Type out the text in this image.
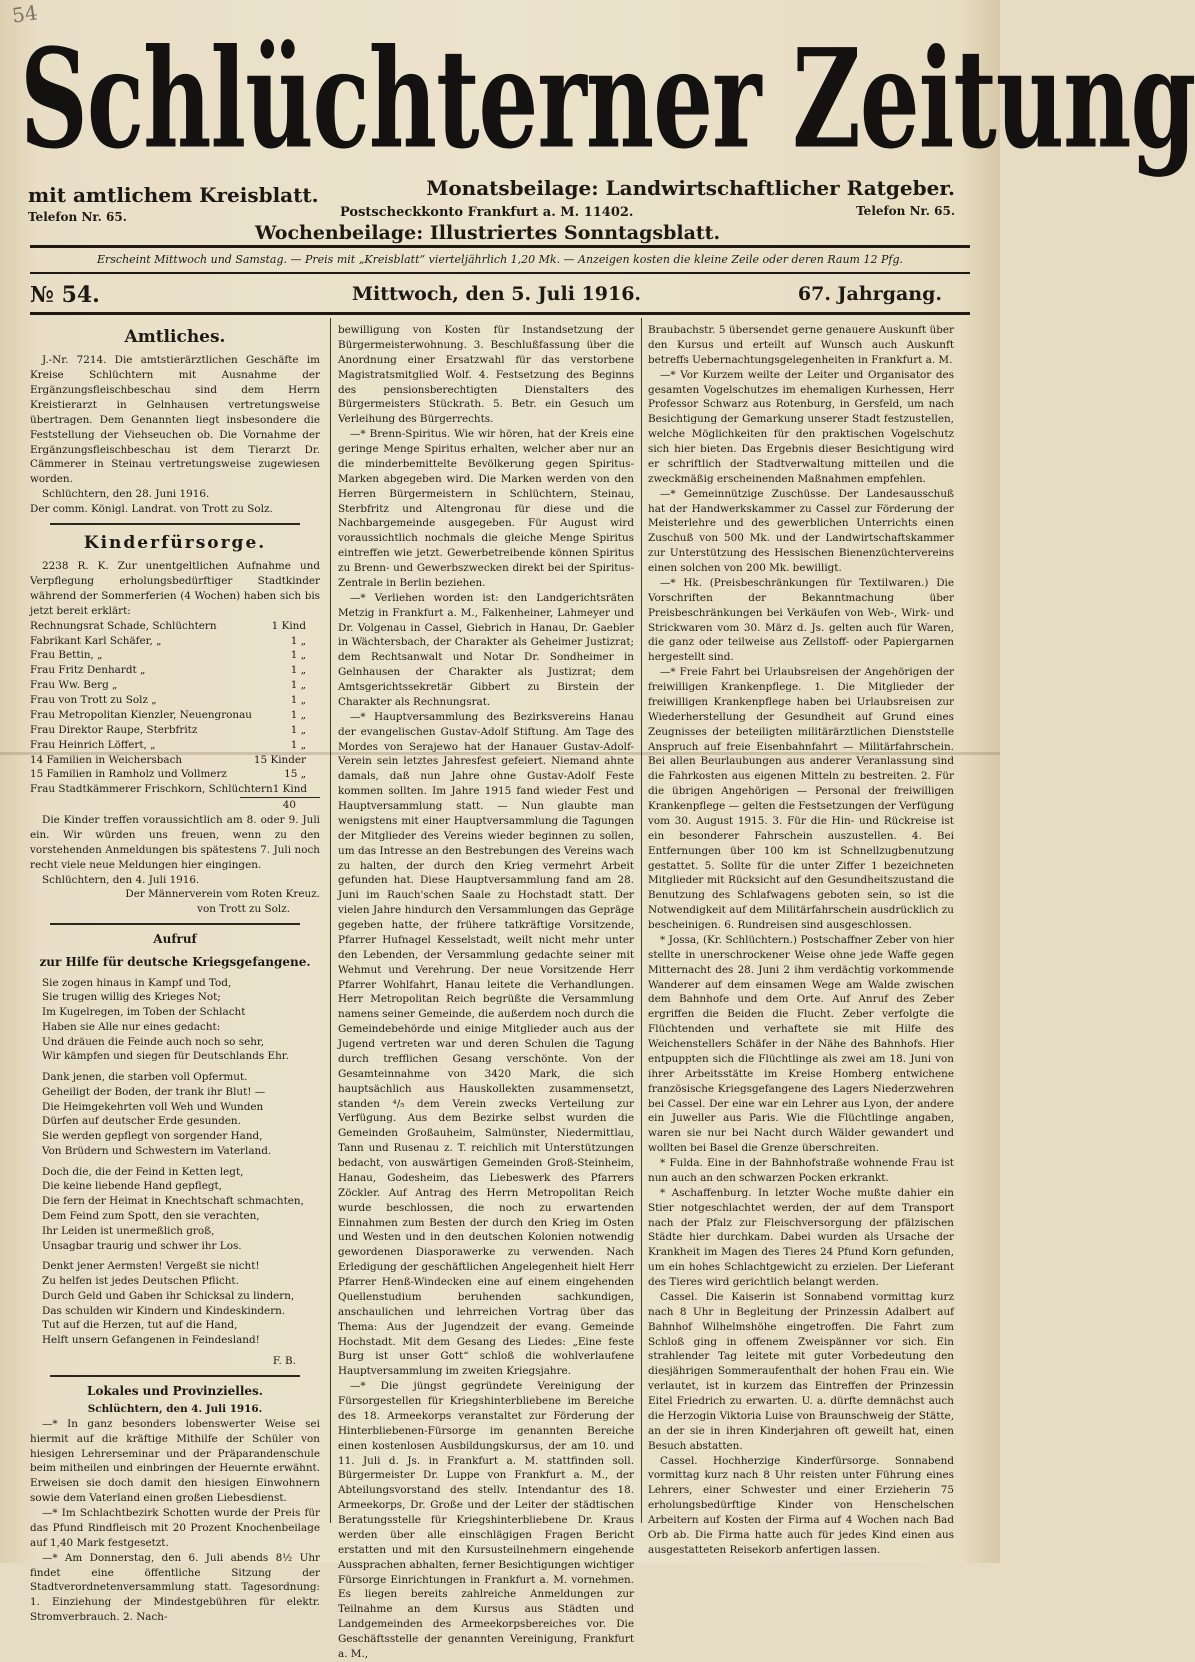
54
Schlüchterner Zeitung
mit amtlichem Kreisblatt.	Monatsbeilage: Landwirtschaftlicher Ratgeber.
Telefon Nr. 65.	Telefon Nr. 65.
Postscheckkonto Frankfurt a. M. 11402.
Wochenbeilage: Illustriertes Sonntagsblatt.
Erscheint Mittwoch und Samstag. — Preis mit „Kreisblatt“ vierteljährlich 1,20 Mk. — Anzeigen kosten die kleine Zeile oder deren Raum 12 Pfg.
№ 54.	Mittwoch, den 5. Juli 1916.	67. Jahrgang.
Amtliches.

J.-Nr. 7214. Die amtstierärztlichen Geschäfte im Kreise Schlüchtern mit Ausnahme der Ergänzungsfleischbeschau sind dem Herrn Kreistierarzt in Gelnhausen vertretungsweise übertragen. Dem Genannten liegt insbesondere die Feststellung der Viehseuchen ob. Die Vornahme der Ergänzungsfleischbeschau ist dem Tierarzt Dr. Cämmerer in Steinau vertretungsweise zugewiesen worden.

Schlüchtern, den 28. Juni 1916.

Der comm. Königl. Landrat. von Trott zu Solz.
Kinderfürsorge.

2238 R. K. Zur unentgeltlichen Aufnahme und Verpflegung erholungsbedürftiger Stadtkinder während der Sommerferien (4 Wochen) haben sich bis jetzt bereit erklärt:

Rechnungsrat Schade, Schlüchtern	1 Kind
Fabrikant Karl Schäfer, „	1 „
Frau Bettin, „	1 „
Frau Fritz Denhardt „	1 „
Frau Ww. Berg „	1 „
Frau von Trott zu Solz „	1 „
Frau Metropolitan Kienzler, Neuengronau	1 „
Frau Direktor Raupe, Sterbfritz	1 „
Frau Heinrich Löffert, „	1 „
14 Familien in Weichersbach	15 Kinder
15 Familien in Ramholz und Vollmerz	15 „
Frau Stadtkämmerer Frischkorn, Schlüchtern 1 Kind
40

Die Kinder treffen voraussichtlich am 8. oder 9. Juli ein. Wir würden uns freuen, wenn zu den vorstehenden Anmeldungen bis spätestens 7. Juli noch recht viele neue Meldungen hier eingingen.

Schlüchtern, den 4. Juli 1916.

Der Männerverein vom Roten Kreuz.
von Trott zu Solz.
Aufruf
zur Hilfe für deutsche Kriegsgefangene.
Sie zogen hinaus in Kampf und Tod,
Sie trugen willig des Krieges Not;
Im Kugelregen, im Toben der Schlacht
Haben sie Alle nur eines gedacht:
Und dräuen die Feinde auch noch so sehr,
Wir kämpfen und siegen für Deutschlands Ehr.
Dank jenen, die starben voll Opfermut.
Geheiligt der Boden, der trank ihr Blut! —
Die Heimgekehrten voll Weh und Wunden
Dürfen auf deutscher Erde gesunden.
Sie werden gepflegt von sorgender Hand,
Von Brüdern und Schwestern im Vaterland.
Doch die, die der Feind in Ketten legt,
Die keine liebende Hand gepflegt,
Die fern der Heimat in Knechtschaft schmachten,
Dem Feind zum Spott, den sie verachten,
Ihr Leiden ist unermeßlich groß,
Unsagbar traurig und schwer ihr Los.
Denkt jener Aermsten! Vergeßt sie nicht!
Zu helfen ist jedes Deutschen Pflicht.
Durch Geld und Gaben ihr Schicksal zu lindern,
Das schulden wir Kindern und Kindeskindern.
Tut auf die Herzen, tut auf die Hand,
Helft unsern Gefangenen in Feindesland!
F. B.
Lokales und Provinzielles.
Schlüchtern, den 4. Juli 1916.

—* In ganz besonders lobenswerter Weise sei hiermit auf die kräftige Mithilfe der Schüler von hiesigen Lehrerseminar und der Präparandenschule beim mitheilen und einbringen der Heuernte erwähnt. Erweisen sie doch damit den hiesigen Einwohnern sowie dem Vaterland einen großen Liebesdienst.

—* Im Schlachtbezirk Schotten wurde der Preis für das Pfund Rindfleisch mit 20 Prozent Knochenbeilage auf 1,40 Mark festgesetzt.

—* Am Donnerstag, den 6. Juli abends 8½ Uhr findet eine öffentliche Sitzung der Stadtverordnetenversammlung statt. Tagesordnung: 1. Einziehung der Mindestgebühren für elektr. Stromverbrauch. 2. Nach-

bewilligung von Kosten für Instandsetzung der Bürgermeisterwohnung. 3. Beschlußfassung über die Anordnung einer Ersatzwahl für das verstorbene Magistratsmitglied Wolf. 4. Festsetzung des Beginns des pensionsberechtigten Dienstalters des Bürgermeisters Stückrath. 5. Betr. ein Gesuch um Verleihung des Bürgerrechts.

—* Brenn-Spiritus. Wie wir hören, hat der Kreis eine geringe Menge Spiritus erhalten, welcher aber nur an die minderbemittelte Bevölkerung gegen Spiritus-Marken abgegeben wird. Die Marken werden von den Herren Bürgermeistern in Schlüchtern, Steinau, Sterbfritz und Altengronau für diese und die Nachbargemeinde ausgegeben. Für August wird voraussichtlich nochmals die gleiche Menge Spiritus eintreffen wie jetzt. Gewerbetreibende können Spiritus zu Brenn- und Gewerbszwecken direkt bei der Spiritus-Zentrale in Berlin beziehen.

—* Verliehen worden ist: den Landgerichtsräten Metzig in Frankfurt a. M., Falkenheiner, Lahmeyer und Dr. Volgenau in Cassel, Giebrich in Hanau, Dr. Gaebler in Wächtersbach, der Charakter als Geheimer Justizrat; dem Rechtsanwalt und Notar Dr. Sondheimer in Gelnhausen der Charakter als Justizrat; dem Amtsgerichtssekretär Gibbert zu Birstein der Charakter als Rechnungsrat.

—* Hauptversammlung des Bezirksvereins Hanau der evangelischen Gustav-Adolf Stiftung. Am Tage des Mordes von Serajewo hat der Hanauer Gustav-Adolf-Verein sein letztes Jahresfest gefeiert. Niemand ahnte damals, daß nun Jahre ohne Gustav-Adolf Feste kommen sollten. Im Jahre 1915 fand wieder Fest und Hauptversammlung statt. — Nun glaubte man wenigstens mit einer Hauptversammlung die Tagungen der Mitglieder des Vereins wieder beginnen zu sollen, um das Intresse an den Bestrebungen des Vereins wach zu halten, der durch den Krieg vermehrt Arbeit gefunden hat. Diese Hauptversammlung fand am 28. Juni im Rauch'schen Saale zu Hochstadt statt. Der vielen Jahre hindurch den Versammlungen das Gepräge gegeben hatte, der frühere tatkräftige Vorsitzende, Pfarrer Hufnagel Kesselstadt, weilt nicht mehr unter den Lebenden, der Versammlung gedachte seiner mit Wehmut und Verehrung. Der neue Vorsitzende Herr Pfarrer Wohlfahrt, Hanau leitete die Verhandlungen. Herr Metropolitan Reich begrüßte die Versammlung namens seiner Gemeinde, die außerdem noch durch die Gemeindebehörde und einige Mitglieder auch aus der Jugend vertreten war und deren Schulen die Tagung durch trefflichen Gesang verschönte. Von der Gesamteinnahme von 3420 Mark, die sich hauptsächlich aus Hauskollekten zusammensetzt, standen ⁴/₅ dem Verein zwecks Verteilung zur Verfügung. Aus dem Bezirke selbst wurden die Gemeinden Großauheim, Salmünster, Niedermittlau, Tann und Rusenau z. T. reichlich mit Unterstützungen bedacht, von auswärtigen Gemeinden Groß-Steinheim, Hanau, Godesheim, das Liebeswerk des Pfarrers Zöckler. Auf Antrag des Herrn Metropolitan Reich wurde beschlossen, die noch zu erwartenden Einnahmen zum Besten der durch den Krieg im Osten und Westen und in den deutschen Kolonien notwendig gewordenen Diasporawerke zu verwenden. Nach Erledigung der geschäftlichen Angelegenheit hielt Herr Pfarrer Henß-Windecken eine auf einem eingehenden Quellenstudium beruhenden sachkundigen, anschaulichen und lehrreichen Vortrag über das Thema: Aus der Jugendzeit der evang. Gemeinde Hochstadt. Mit dem Gesang des Liedes: „Eine feste Burg ist unser Gott“ schloß die wohlverlaufene Hauptversammlung im zweiten Kriegsjahre.

—* Die jüngst gegründete Vereinigung der Fürsorgestellen für Kriegshinterbliebene im Bereiche des 18. Armeekorps veranstaltet zur Förderung der Hinterbliebenen-Fürsorge im genannten Bereiche einen kostenlosen Ausbildungskursus, der am 10. und 11. Juli d. Js. in Frankfurt a. M. stattfinden soll. Bürgermeister Dr. Luppe von Frankfurt a. M., der Abteilungsvorstand des stellv. Intendantur des 18. Armeekorps, Dr. Große und der Leiter der städtischen Beratungsstelle für Kriegshinterbliebene Dr. Kraus werden über alle einschlägigen Fragen Bericht erstatten und mit den Kursusteilnehmern eingehende Aussprachen abhalten, ferner Besichtigungen wichtiger Fürsorge Einrichtungen in Frankfurt a. M. vornehmen. Es liegen bereits zahlreiche Anmeldungen zur Teilnahme an dem Kursus aus Städten und Landgemeinden des Armeekorpsbereiches vor. Die Geschäftsstelle der genannten Vereinigung, Frankfurt a. M.,

Braubachstr. 5 übersendet gerne genauere Auskunft über den Kursus und erteilt auf Wunsch auch Auskunft betreffs Uebernachtungsgelegenheiten in Frankfurt a. M.

—* Vor Kurzem weilte der Leiter und Organisator des gesamten Vogelschutzes im ehemaligen Kurhessen, Herr Professor Schwarz aus Rotenburg, in Gersfeld, um nach Besichtigung der Gemarkung unserer Stadt festzustellen, welche Möglichkeiten für den praktischen Vogelschutz sich hier bieten. Das Ergebnis dieser Besichtigung wird er schriftlich der Stadtverwaltung mitteilen und die zweckmäßig erscheinenden Maßnahmen empfehlen.

—* Gemeinnützige Zuschüsse. Der Landesausschuß hat der Handwerkskammer zu Cassel zur Förderung der Meisterlehre und des gewerblichen Unterrichts einen Zuschuß von 500 Mk. und der Landwirtschaftskammer zur Unterstützung des Hessischen Bienenzüchtervereins einen solchen von 200 Mk. bewilligt.

—* Hk. (Preisbeschränkungen für Textilwaren.) Die Vorschriften der Bekanntmachung über Preisbeschränkungen bei Verkäufen von Web-, Wirk- und Strickwaren vom 30. März d. Js. gelten auch für Waren, die ganz oder teilweise aus Zellstoff- oder Papiergarnen hergestellt sind.

—* Freie Fahrt bei Urlaubsreisen der Angehörigen der freiwilligen Krankenpflege. 1. Die Mitglieder der freiwilligen Krankenpflege haben bei Urlaubsreisen zur Wiederherstellung der Gesundheit auf Grund eines Zeugnisses der beteiligten militärärztlichen Dienststelle Anspruch auf freie Eisenbahnfahrt — Militärfahrschein. Bei allen Beurlaubungen aus anderer Veranlassung sind die Fahrkosten aus eigenen Mitteln zu bestreiten. 2. Für die übrigen Angehörigen — Personal der freiwilligen Krankenpflege — gelten die Festsetzungen der Verfügung vom 30. August 1915. 3. Für die Hin- und Rückreise ist ein besonderer Fahrschein auszustellen. 4. Bei Entfernungen über 100 km ist Schnellzugbenutzung gestattet. 5. Sollte für die unter Ziffer 1 bezeichneten Mitglieder mit Rücksicht auf den Gesundheitszustand die Benutzung des Schlafwagens geboten sein, so ist die Notwendigkeit auf dem Militärfahrschein ausdrücklich zu bescheinigen. 6. Rundreisen sind ausgeschlossen.

* Jossa, (Kr. Schlüchtern.) Postschaffner Zeber von hier stellte in unerschrockener Weise ohne jede Waffe gegen Mitternacht des 28. Juni 2 ihm verdächtig vorkommende Wanderer auf dem einsamen Wege am Walde zwischen dem Bahnhofe und dem Orte. Auf Anruf des Zeber ergriffen die Beiden die Flucht. Zeber verfolgte die Flüchtenden und verhaftete sie mit Hilfe des Weichenstellers Schäfer in der Nähe des Bahnhofs. Hier entpuppten sich die Flüchtlinge als zwei am 18. Juni von ihrer Arbeitsstätte im Kreise Homberg entwichene französische Kriegsgefangene des Lagers Niederzwehren bei Cassel. Der eine war ein Lehrer aus Lyon, der andere ein Juweller aus Paris. Wie die Flüchtlinge angaben, waren sie nur bei Nacht durch Wälder gewandert und wollten bei Basel die Grenze überschreiten.

* Fulda. Eine in der Bahnhofstraße wohnende Frau ist nun auch an den schwarzen Pocken erkrankt.

* Aschaffenburg. In letzter Woche mußte dahier ein Stier notgeschlachtet werden, der auf dem Transport nach der Pfalz zur Fleischversorgung der pfälzischen Städte hier durchkam. Dabei wurden als Ursache der Krankheit im Magen des Tieres 24 Pfund Korn gefunden, um ein hohes Schlachtgewicht zu erzielen. Der Lieferant des Tieres wird gerichtlich belangt werden.

Cassel. Die Kaiserin ist Sonnabend vormittag kurz nach 8 Uhr in Begleitung der Prinzessin Adalbert auf Bahnhof Wilhelmshöhe eingetroffen. Die Fahrt zum Schloß ging in offenem Zweispänner vor sich. Ein strahlender Tag leitete mit guter Vorbedeutung den diesjährigen Sommeraufenthalt der hohen Frau ein. Wie verlautet, ist in kurzem das Eintreffen der Prinzessin Eitel Friedrich zu erwarten. U. a. dürfte demnächst auch die Herzogin Viktoria Luise von Braunschweig der Stätte, an der sie in ihren Kinderjahren oft geweilt hat, einen Besuch abstatten.

Cassel. Hochherzige Kinderfürsorge. Sonnabend vormittag kurz nach 8 Uhr reisten unter Führung eines Lehrers, einer Schwester und einer Erzieherin 75 erholungsbedürftige Kinder von Henschelschen Arbeitern auf Kosten der Firma auf 4 Wochen nach Bad Orb ab. Die Firma hatte auch für jedes Kind einen aus ausgestatteten Reisekorb anfertigen lassen.
